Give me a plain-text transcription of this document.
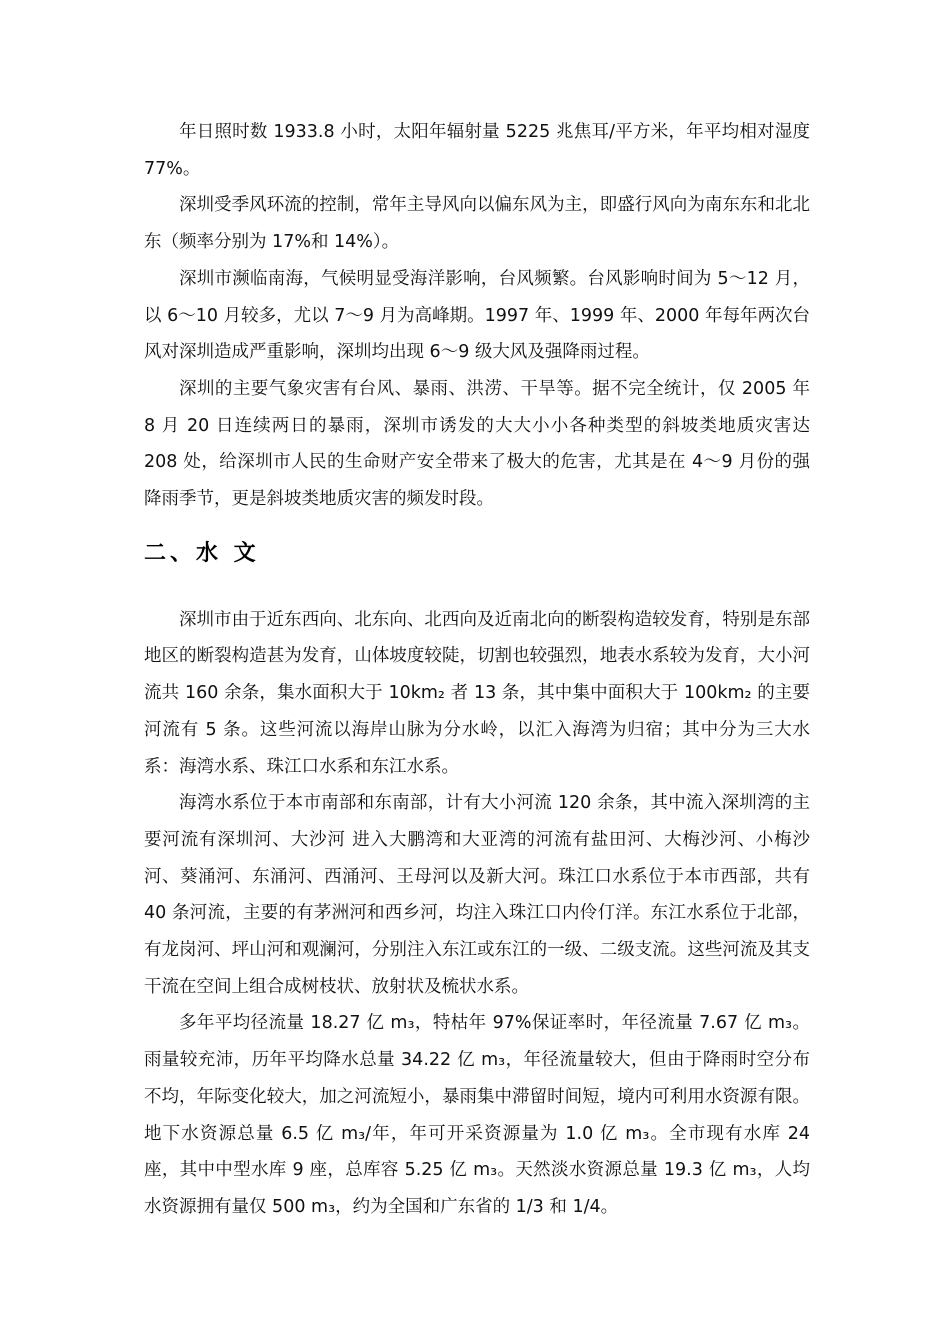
年日照时数 1933.8 小时，太阳年辐射量 5225 兆焦耳/平方米，年平均相对湿度 77%。

深圳受季风环流的控制，常年主导风向以偏东风为主，即盛行风向为南东东和北北东（频率分别为 17%和 14%）。

深圳市濒临南海，气候明显受海洋影响，台风频繁。台风影响时间为 5～12 月，以 6～10 月较多，尤以 7～9 月为高峰期。1997 年、1999 年、2000 年每年两次台风对深圳造成严重影响，深圳均出现 6～9 级大风及强降雨过程。

深圳的主要气象灾害有台风、暴雨、洪涝、干旱等。据不完全统计，仅 2005 年 8 月 20 日连续两日的暴雨，深圳市诱发的大大小小各种类型的斜坡类地质灾害达 208 处，给深圳市人民的生命财产安全带来了极大的危害，尤其是在 4～9 月份的强降雨季节，更是斜坡类地质灾害的频发时段。

二、水 文

深圳市由于近东西向、北东向、北西向及近南北向的断裂构造较发育，特别是东部地区的断裂构造甚为发育，山体坡度较陡，切割也较强烈，地表水系较为发育，大小河流共 160 余条，集水面积大于 10km₂ 者 13 条，其中集中面积大于 100km₂ 的主要河流有 5 条。这些河流以海岸山脉为分水岭，以汇入海湾为归宿；其中分为三大水系：海湾水系、珠江口水系和东江水系。

海湾水系位于本市南部和东南部，计有大小河流 120 余条，其中流入深圳湾的主要河流有深圳河、大沙河 进入大鹏湾和大亚湾的河流有盐田河、大梅沙河、小梅沙河、葵涌河、东涌河、西涌河、王母河以及新大河。珠江口水系位于本市西部，共有 40 条河流，主要的有茅洲河和西乡河，均注入珠江口内伶仃洋。东江水系位于北部，有龙岗河、坪山河和观澜河，分别注入东江或东江的一级、二级支流。这些河流及其支干流在空间上组合成树枝状、放射状及梳状水系。

多年平均径流量 18.27 亿 m₃，特枯年 97%保证率时，年径流量 7.67 亿 m₃。雨量较充沛，历年平均降水总量 34.22 亿 m₃，年径流量较大，但由于降雨时空分布不均，年际变化较大，加之河流短小，暴雨集中滞留时间短，境内可利用水资源有限。地下水资源总量 6.5 亿 m₃/年，年可开采资源量为 1.0 亿 m₃。全市现有水库 24 座，其中中型水库 9 座，总库容 5.25 亿 m₃。天然淡水资源总量 19.3 亿 m₃，人均水资源拥有量仅 500 m₃，约为全国和广东省的 1/3 和 1/4。
